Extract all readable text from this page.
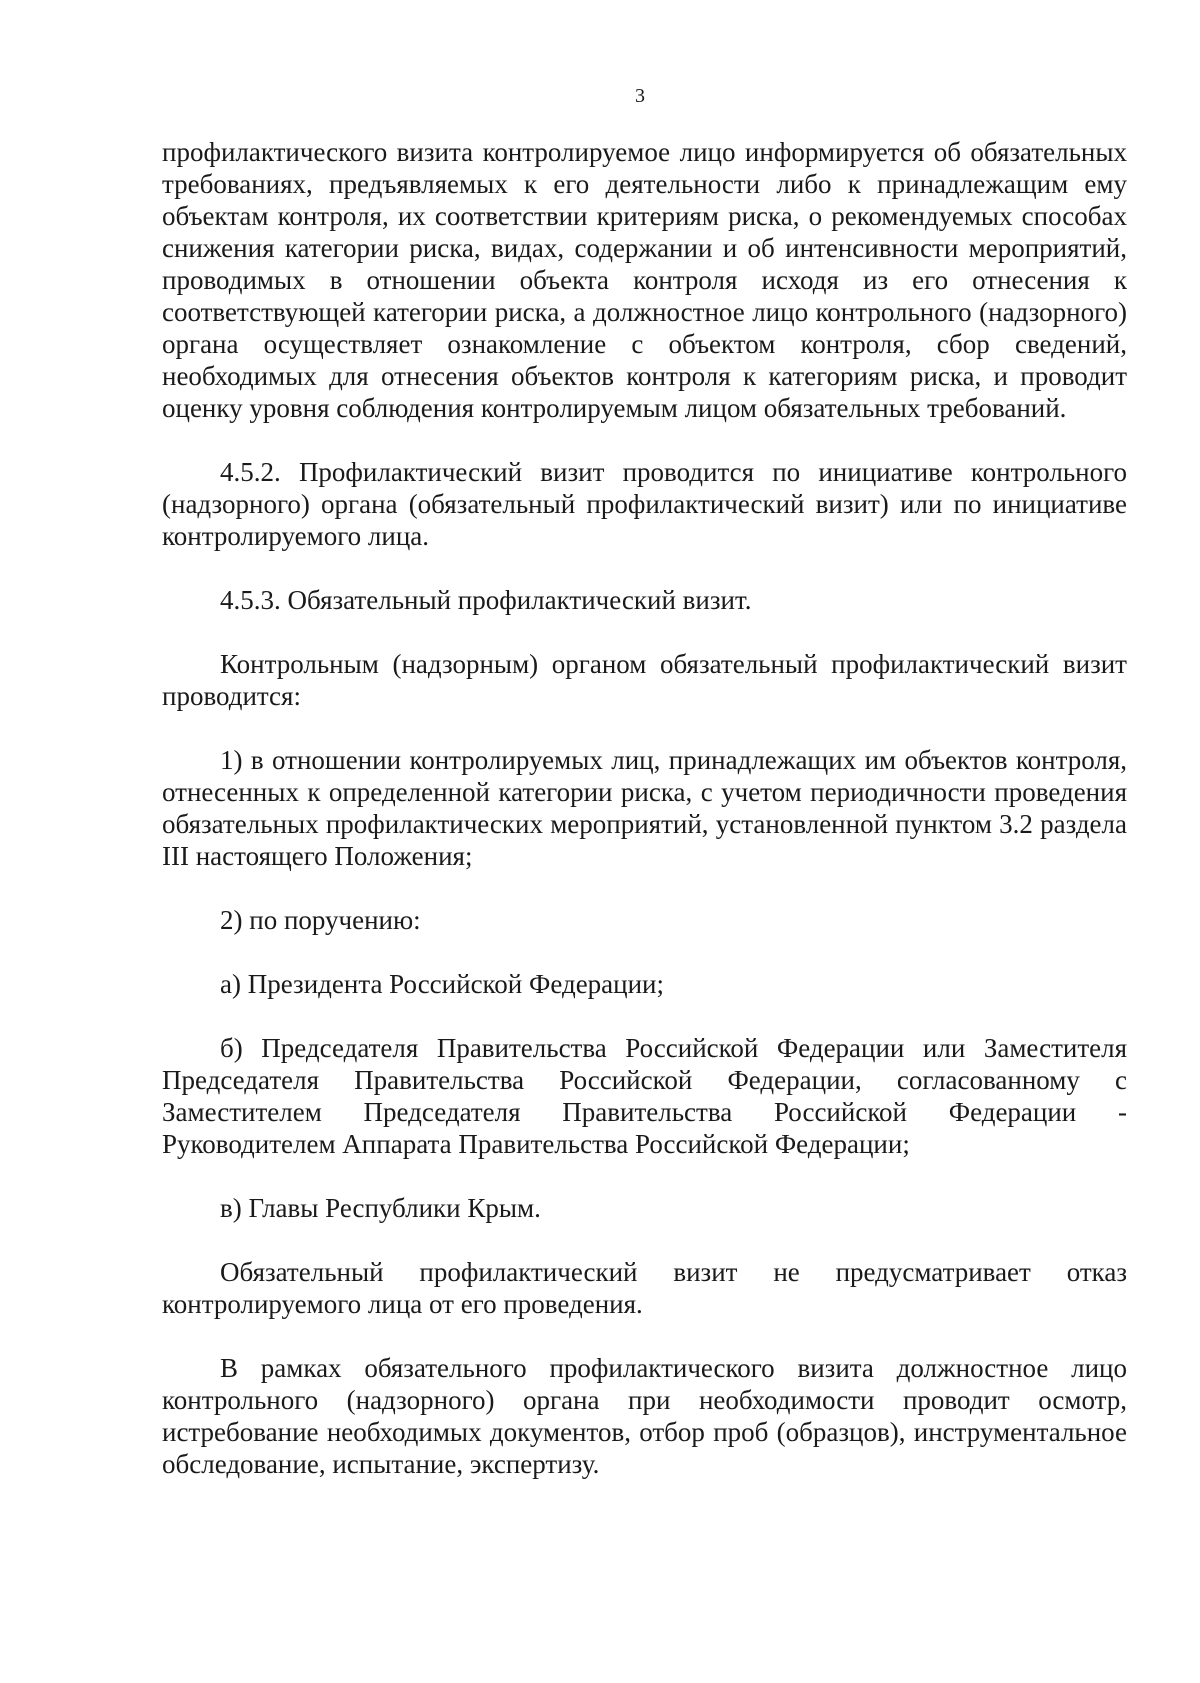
3

профилактического визита контролируемое лицо информируется об обязательных требованиях, предъявляемых к его деятельности либо к принадлежащим ему объектам контроля, их соответствии критериям риска, о рекомендуемых способах снижения категории риска, видах, содержании и об интенсивности мероприятий, проводимых в отношении объекта контроля исходя из его отнесения к соответствующей категории риска, а должностное лицо контрольного (надзорного) органа осуществляет ознакомление с объектом контроля, сбор сведений, необходимых для отнесения объектов контроля к категориям риска, и проводит оценку уровня соблюдения контролируемым лицом обязательных требований.

4.5.2. Профилактический визит проводится по инициативе контрольного (надзорного) органа (обязательный профилактический визит) или по инициативе контролируемого лица.

4.5.3. Обязательный профилактический визит.

Контрольным (надзорным) органом обязательный профилактический визит проводится:

1) в отношении контролируемых лиц, принадлежащих им объектов контроля, отнесенных к определенной категории риска, с учетом периодичности проведения обязательных профилактических мероприятий, установленной пунктом 3.2 раздела III настоящего Положения;

2) по поручению:

а) Президента Российской Федерации;

б) Председателя Правительства Российской Федерации или Заместителя Председателя Правительства Российской Федерации, согласованному с Заместителем Председателя Правительства Российской Федерации - Руководителем Аппарата Правительства Российской Федерации;

в) Главы Республики Крым.

Обязательный профилактический визит не предусматривает отказ контролируемого лица от его проведения.

В рамках обязательного профилактического визита должностное лицо контрольного (надзорного) органа при необходимости проводит осмотр, истребование необходимых документов, отбор проб (образцов), инструментальное обследование, испытание, экспертизу.
